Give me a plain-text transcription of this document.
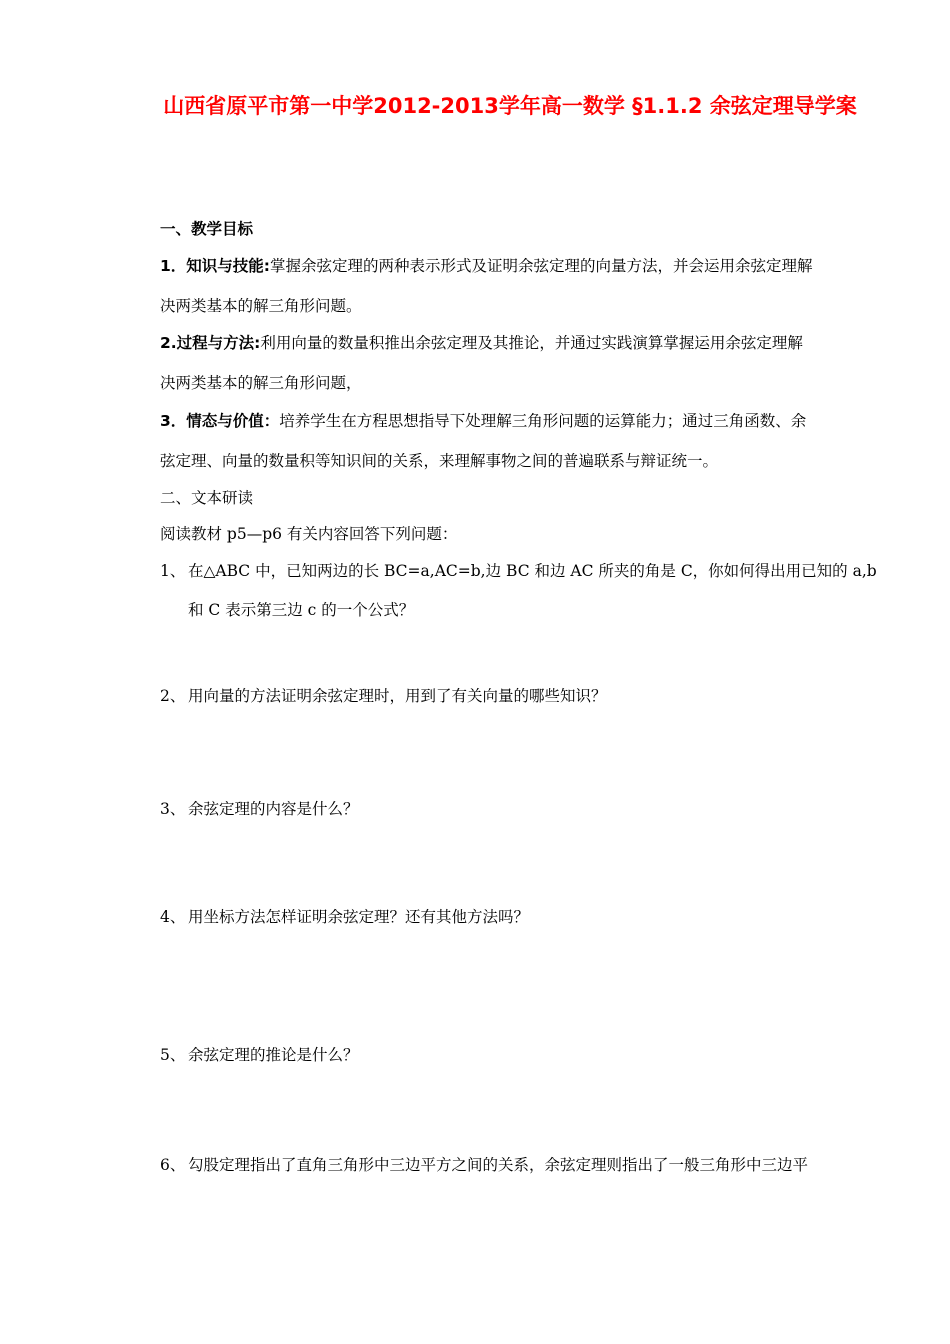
山西省原平市第一中学2012-2013学年高一数学 §1.1.2 余弦定理导学案
一、教学目标
1．知识与技能:掌握余弦定理的两种表示形式及证明余弦定理的向量方法，并会运用余弦定理解
决两类基本的解三角形问题。
2.过程与方法:利用向量的数量积推出余弦定理及其推论，并通过实践演算掌握运用余弦定理解
决两类基本的解三角形问题，
3．情态与价值：培养学生在方程思想指导下处理解三角形问题的运算能力；通过三角函数、余
弦定理、向量的数量积等知识间的关系，来理解事物之间的普遍联系与辩证统一。
二、文本研读
阅读教材 p5—p6 有关内容回答下列问题：
1、 在△ABC 中，已知两边的长 BC=a,AC=b,边 BC 和边 AC 所夹的角是 C，你如何得出用已知的 a,b
和 C 表示第三边 c 的一个公式？
2、 用向量的方法证明余弦定理时，用到了有关向量的哪些知识？
3、 余弦定理的内容是什么？
4、 用坐标方法怎样证明余弦定理？还有其他方法吗？
5、 余弦定理的推论是什么？
6、 勾股定理指出了直角三角形中三边平方之间的关系，余弦定理则指出了一般三角形中三边平
